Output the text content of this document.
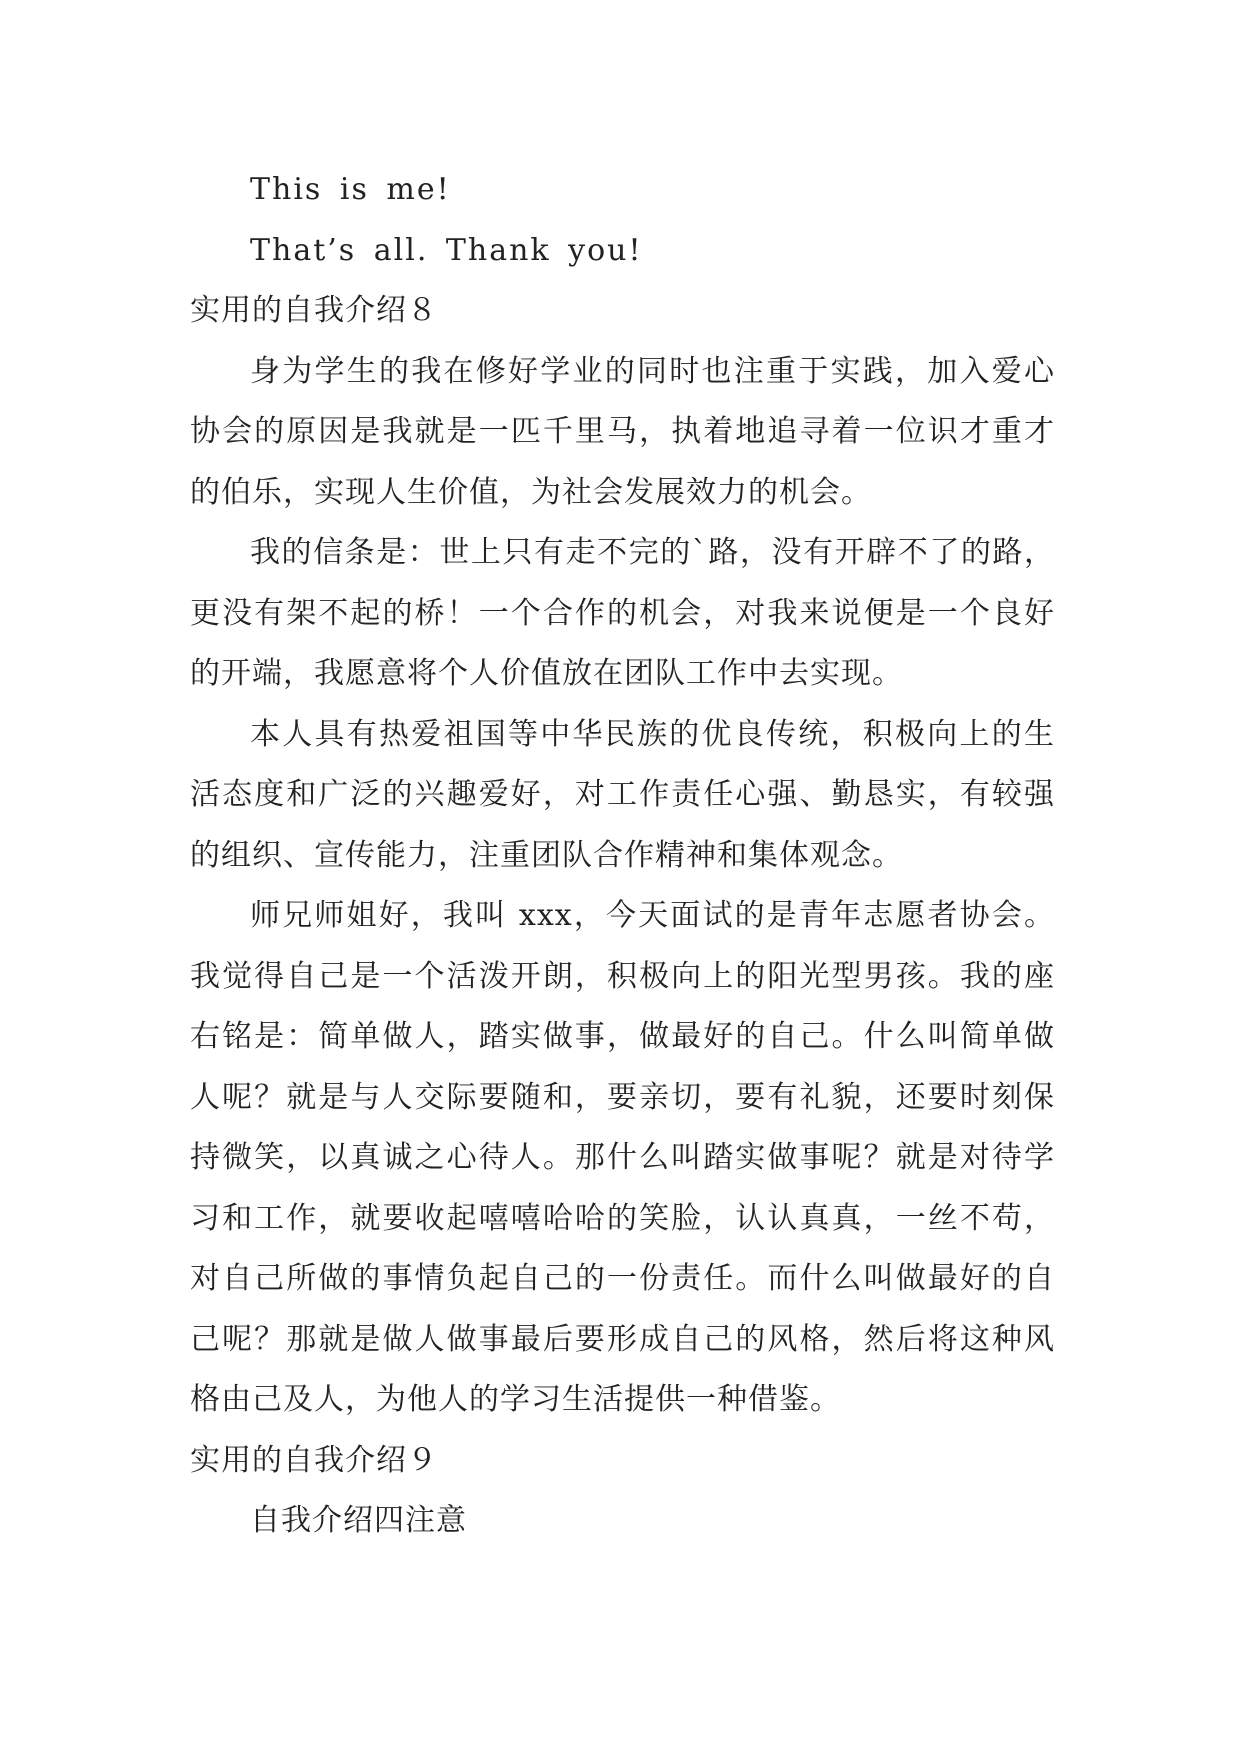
This is me!

That’s all. Thank you!

实用的自我介绍８

身为学生的我在修好学业的同时也注重于实践，加入爱心协会的原因是我就是一匹千里马，执着地追寻着一位识才重才的伯乐，实现人生价值，为社会发展效力的机会。

我的信条是：世上只有走不完的`路，没有开辟不了的路，更没有架不起的桥！一个合作的机会，对我来说便是一个良好的开端，我愿意将个人价值放在团队工作中去实现。

本人具有热爱祖国等中华民族的优良传统，积极向上的生活态度和广泛的兴趣爱好，对工作责任心强、勤恳实，有较强的组织、宣传能力，注重团队合作精神和集体观念。

师兄师姐好，我叫 xxx，今天面试的是青年志愿者协会。我觉得自己是一个活泼开朗，积极向上的阳光型男孩。我的座右铭是：简单做人，踏实做事，做最好的自己。什么叫简单做人呢？就是与人交际要随和，要亲切，要有礼貌，还要时刻保持微笑，以真诚之心待人。那什么叫踏实做事呢？就是对待学习和工作，就要收起嘻嘻哈哈的笑脸，认认真真，一丝不苟，对自己所做的事情负起自己的一份责任。而什么叫做最好的自己呢？那就是做人做事最后要形成自己的风格，然后将这种风格由己及人，为他人的学习生活提供一种借鉴。

实用的自我介绍９

自我介绍四注意
